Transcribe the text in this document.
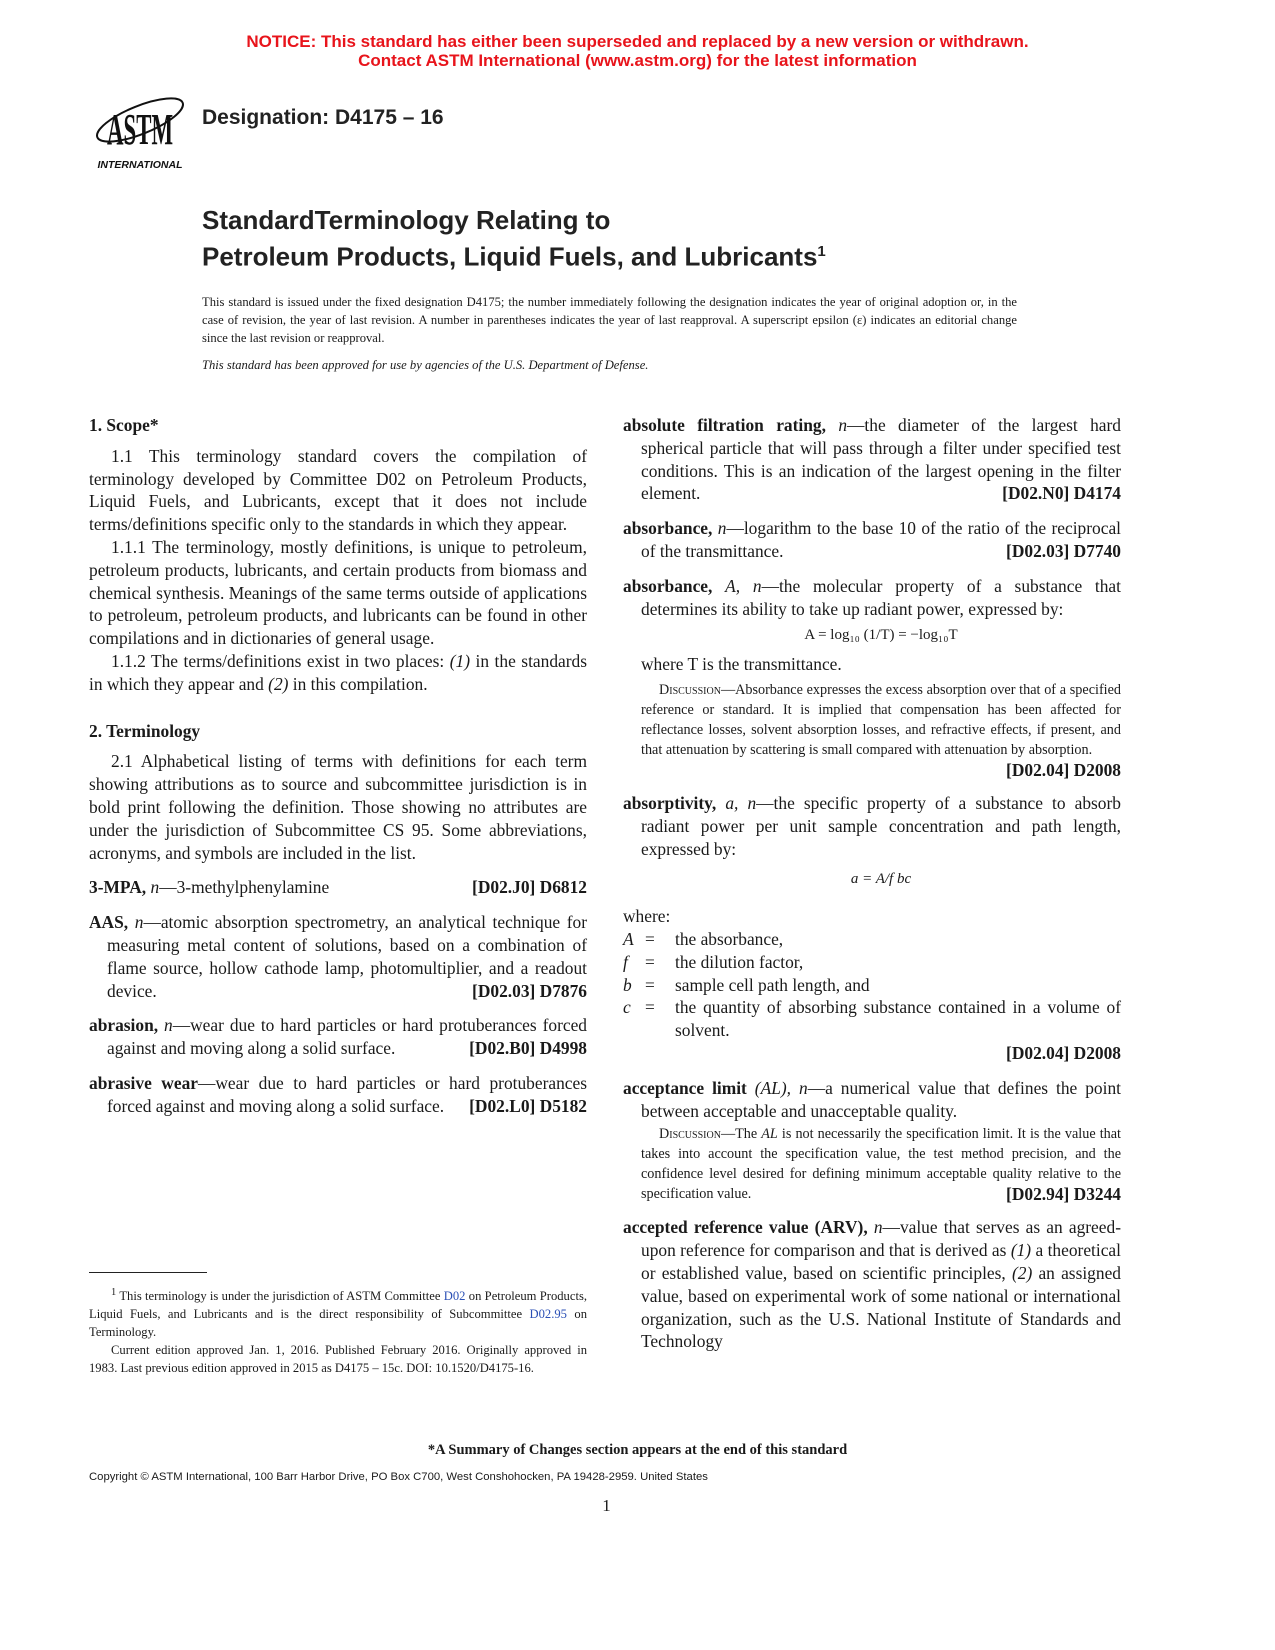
NOTICE: This standard has either been superseded and replaced by a new version or withdrawn.
Contact ASTM International (www.astm.org) for the latest information
ASTM
INTERNATIONAL
Designation: D4175 – 16
StandardTerminology Relating to
Petroleum Products, Liquid Fuels, and Lubricants$^1$
This standard is issued under the fixed designation D4175; the number immediately following the designation indicates the year of original adoption or, in the case of revision, the year of last revision. A number in parentheses indicates the year of last reapproval. A superscript epsilon (ε) indicates an editorial change since the last revision or reapproval.
This standard has been approved for use by agencies of the U.S. Department of Defense.
1. Scope*

1.1 This terminology standard covers the compilation of terminology developed by Committee D02 on Petroleum Products, Liquid Fuels, and Lubricants, except that it does not include terms/definitions specific only to the standards in which they appear.

1.1.1 The terminology, mostly definitions, is unique to petroleum, petroleum products, lubricants, and certain products from biomass and chemical synthesis. Meanings of the same terms outside of applications to petroleum, petroleum products, and lubricants can be found in other compilations and in dictionaries of general usage.

1.1.2 The terms/definitions exist in two places: (1) in the standards in which they appear and (2) in this compilation.

2. Terminology

2.1 Alphabetical listing of terms with definitions for each term showing attributions as to source and subcommittee jurisdiction is in bold print following the definition. Those showing no attributes are under the jurisdiction of Subcommittee CS 95. Some abbreviations, acronyms, and symbols are included in the list.

3-MPA, n—3-methylphenylamine	[D02.J0] D6812
AAS, n—atomic absorption spectrometry, an analytical technique for measuring metal content of solutions, based on a combination of flame source, hollow cathode lamp, photomultiplier, and a readout device.	[D02.03] D7876
abrasion, n—wear due to hard particles or hard protuberances forced against and moving along a solid surface.	[D02.B0] D4998
abrasive wear—wear due to hard particles or hard protuberances forced against and moving along a solid surface. [D02.L0] D5182
absolute filtration rating, n—the diameter of the largest hard spherical particle that will pass through a filter under specified test conditions. This is an indication of the largest opening in the filter element.	[D02.N0] D4174
absorbance, n—logarithm to the base 10 of the ratio of the reciprocal of the transmittance.	[D02.03] D7740
absorbance, A, n—the molecular property of a substance that determines its ability to take up radiant power, expressed by:
A = log₁₀ (1/T) = −log₁₀T
where T is the transmittance.
Discussion—Absorbance expresses the excess absorption over that of a specified reference or standard. It is implied that compensation has been affected for reflectance losses, solvent absorption losses, and refractive effects, if present, and that attenuation by scattering is small compared with attenuation by absorption.
[D02.04] D2008
absorptivity, a, n—the specific property of a substance to absorb radiant power per unit sample concentration and path length, expressed by:
a = A/f bc
where:
A =	the absorbance,
f =	the dilution factor,
b =	sample cell path length, and
c =	the quantity of absorbing substance contained in a volume of solvent.
[D02.04] D2008
acceptance limit (AL), n—a numerical value that defines the point between acceptable and unacceptable quality.
Discussion—The AL is not necessarily the specification limit. It is the value that takes into account the specification value, the test method precision, and the confidence level desired for defining minimum acceptable quality relative to the specification value.	[D02.94] D3244
accepted reference value (ARV), n—value that serves as an agreed-upon reference for comparison and that is derived as (1) a theoretical or established value, based on scientific principles, (2) an assigned value, based on experimental work of some national or international organization, such as the U.S. National Institute of Standards and Technology

$^1$ This terminology is under the jurisdiction of ASTM Committee D02 on Petroleum Products, Liquid Fuels, and Lubricants and is the direct responsibility of Subcommittee D02.95 on Terminology.

Current edition approved Jan. 1, 2016. Published February 2016. Originally approved in 1983. Last previous edition approved in 2015 as D4175 – 15c. DOI: 10.1520/D4175-16.

*A Summary of Changes section appears at the end of this standard
Copyright © ASTM International, 100 Barr Harbor Drive, PO Box C700, West Conshohocken, PA 19428-2959. United States
1
